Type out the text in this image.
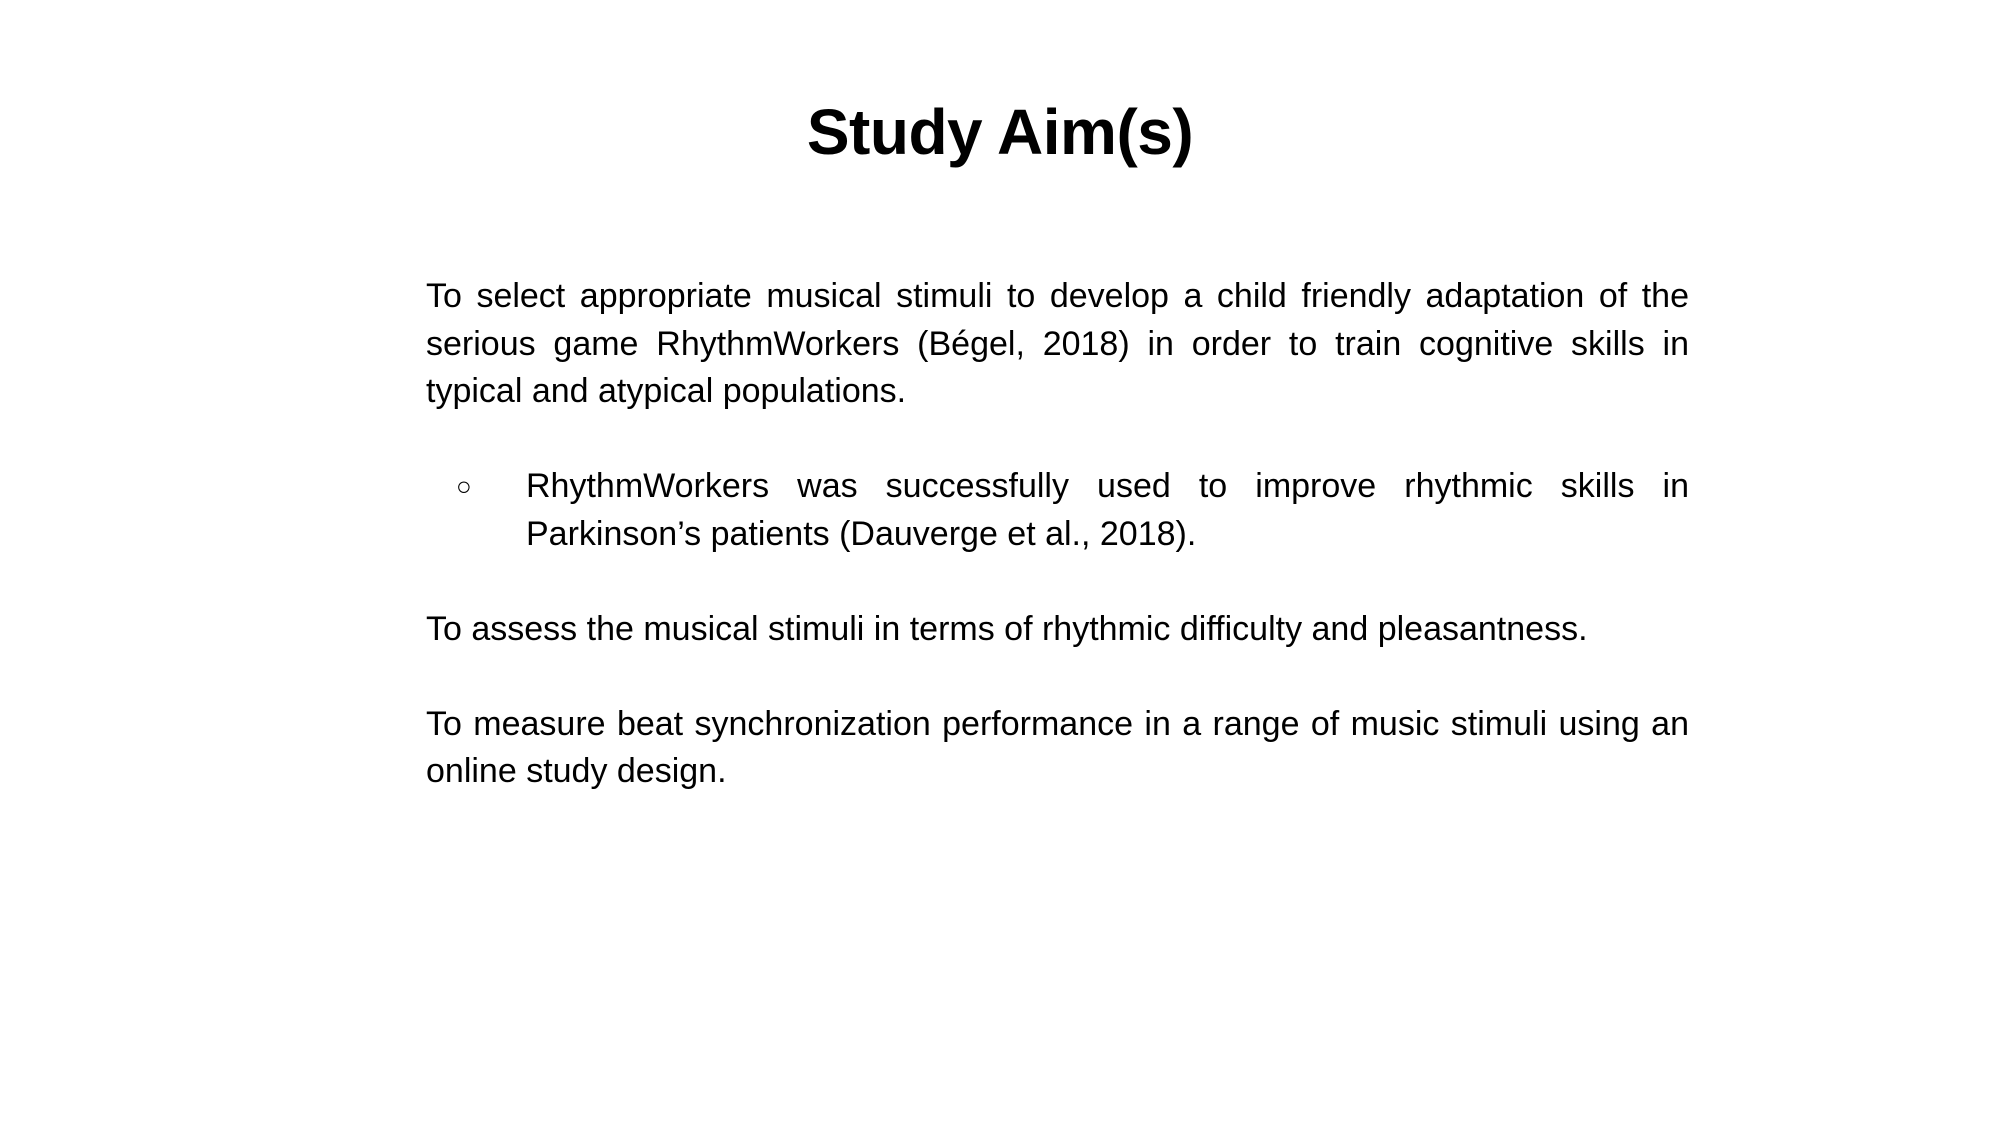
Study Aim(s)

To select appropriate musical stimuli to develop a child friendly adaptation of the serious game RhythmWorkers (Bégel, 2018) in order to train cognitive skills in typical and atypical populations.

○	RhythmWorkers was successfully used to improve rhythmic skills in Parkinson’s patients (Dauverge et al., 2018).

To assess the musical stimuli in terms of rhythmic difficulty and pleasantness.

To measure beat synchronization performance in a range of music stimuli using an online study design.
